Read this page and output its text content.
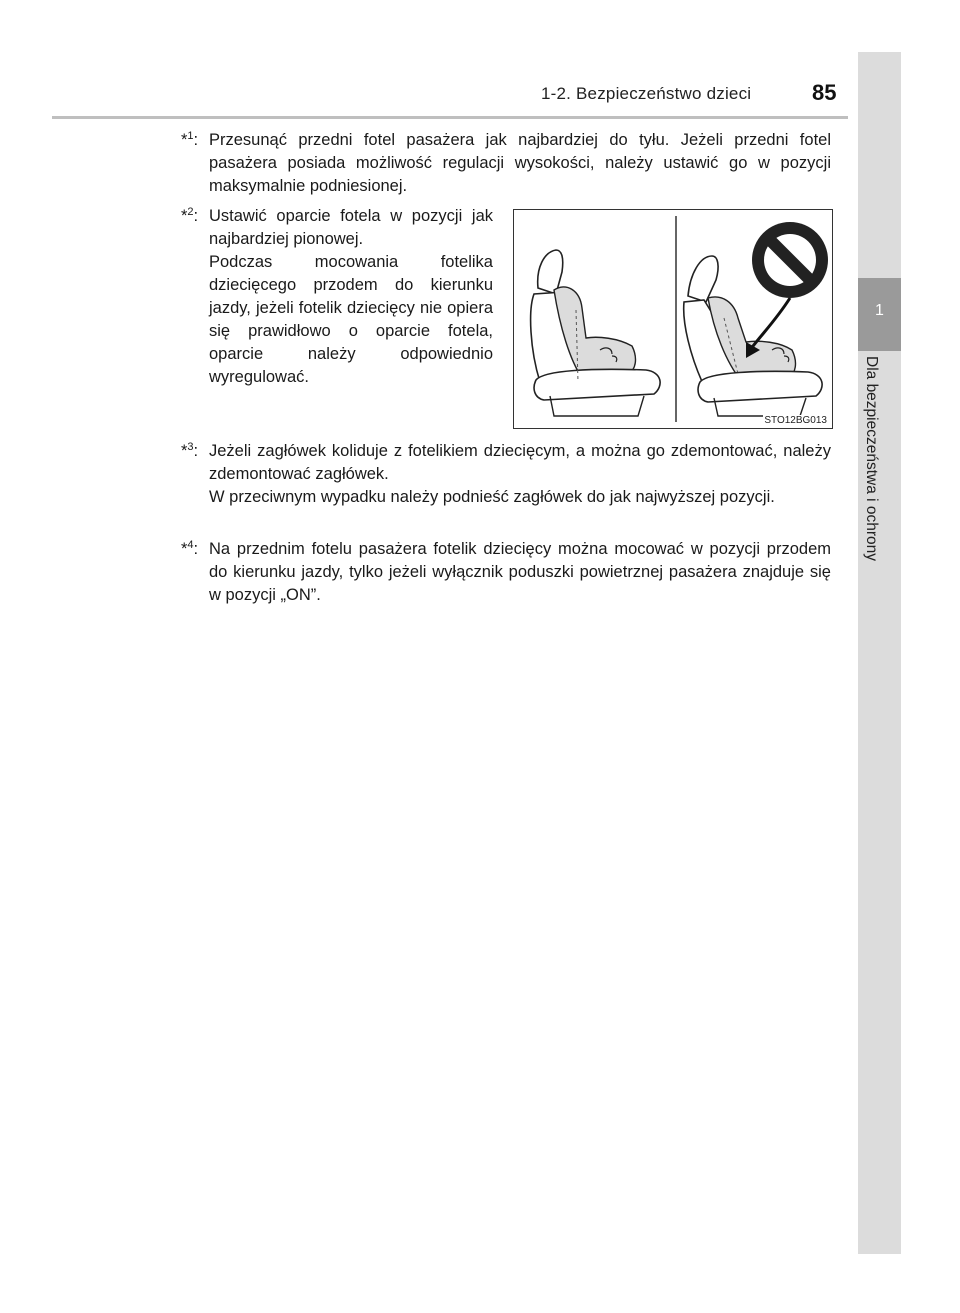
1-2. Bezpieczeństwo dzieci	85
1
Dla bezpieczeństwa i ochrony
*$^1$: Przesunąć przedni fotel pasażera jak najbardziej do tyłu. Jeżeli przedni fotel pasażera posiada możliwość regulacji wysokości, należy ustawić go w pozycji maksymalnie podniesionej.

*$^2$: Ustawić oparcie fotela w pozycji jak najbardziej pionowej.

Podczas mocowania fotelika dziecięcego przodem do kierunku jazdy, jeżeli fotelik dziecięcy nie opiera się prawidłowo o oparcie fotela, oparcie należy odpowiednio wyregulować.

STO12BG013
*$^3$: Jeżeli zagłówek koliduje z fotelikiem dziecięcym, a można go zdemontować, należy zdemontować zagłówek.

W przeciwnym wypadku należy podnieść zagłówek do jak najwyższej pozycji.

*$^4$: Na przednim fotelu pasażera fotelik dziecięcy można mocować w pozycji przodem do kierunku jazdy, tylko jeżeli wyłącznik poduszki powietrznej pasażera znajduje się w pozycji „ON”.
